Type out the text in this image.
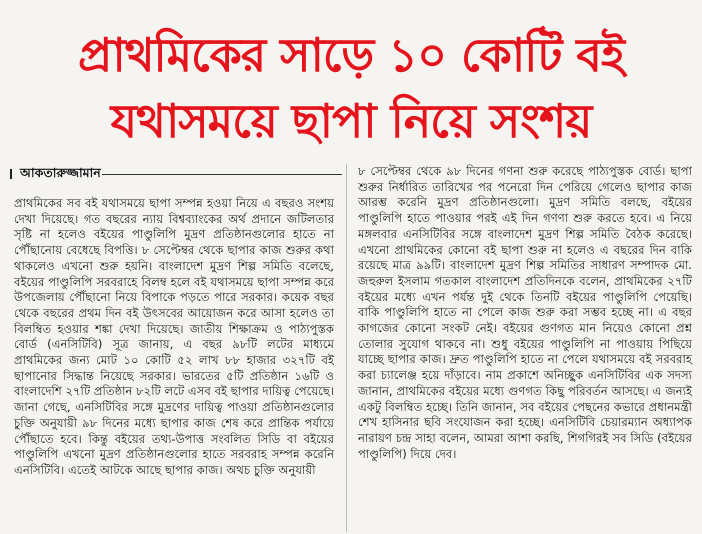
প্রাথমিকের সাড়ে ১০ কোটি বই
যথাসময়ে ছাপা নিয়ে সংশয়
আকতারুজ্জামান

প্রাথমিকের সব বই যথাসময়ে ছাপা সম্পন্ন হওয়া নিয়ে এ বছরও সংশয় দেখা দিয়েছে। গত বছরের ন্যায় বিশ্বব্যাংকের অর্থ প্রদানে জটিলতার সৃষ্টি না হলেও বইয়ের পাণ্ডুলিপি মুদ্রণ প্রতিষ্ঠানগুলোর হাতে না পৌঁছানোয় বেধেছে বিপত্তি। ৮ সেপ্টেম্বর থেকে ছাপার কাজ শুরুর কথা থাকলেও এখনো শুরু হয়নি। বাংলাদেশ মুদ্রণ শিল্প সমিতি বলেছে, বইয়ের পাণ্ডুলিপি সরবরাহে বিলম্ব হলে বই যথাসময়ে ছাপা সম্পন্ন করে উপজেলায় পৌঁছানো নিয়ে বিপাকে পড়তে পারে সরকার। কয়েক বছর থেকে বছরের প্রথম দিন বই উৎসবের আয়োজন করে আসা হলেও তা বিলম্বিত হওয়ার শঙ্কা দেখা দিয়েছে। জাতীয় শিক্ষাক্রম ও পাঠ্যপুস্তক বোর্ড (এনসিটিবি) সূত্র জানায়, এ বছর ৯৮টি লটের মাধ্যমে প্রাথমিকের জন্য মোট ১০ কোটি ৫২ লাখ ৮৮ হাজার ৩২৭টি বই ছাপানোর সিদ্ধান্ত নিয়েছে সরকার। ভারতের ৫টি প্রতিষ্ঠান ১৬টি ও বাংলাদেশি ২৭টি প্রতিষ্ঠান ৮২টি লটে এসব বই ছাপার দায়িত্ব পেয়েছে। জানা গেছে, এনসিটিবির সঙ্গে মুদ্রণের দায়িত্ব পাওয়া প্রতিষ্ঠানগুলোর চুক্তি অনুযায়ী ৯৮ দিনের মধ্যে ছাপার কাজ শেষ করে প্রান্তিক পর্যায়ে পৌঁছাতে হবে। কিন্তু বইয়ের তথ্য-উপাত্ত সংবলিত সিডি বা বইয়ের পাণ্ডুলিপি এখনো মুদ্রণ প্রতিষ্ঠানগুলোর হাতে সরবরাহ সম্পন্ন করেনি এনসিটিবি। এতেই আটকে আছে ছাপার কাজ। অথচ চুক্তি অনুযায়ী

৮ সেপ্টেম্বর থেকে ৯৮ দিনের গণনা শুরু করেছে পাঠ্যপুস্তক বোর্ড। ছাপা শুরুর নির্ধারিত তারিখের পর পনেরো দিন পেরিয়ে গেলেও ছাপার কাজ আরম্ভ করেনি মুদ্রণ প্রতিষ্ঠানগুলো। মুদ্রণ সমিতি বলছে, বইয়ের পাণ্ডুলিপি হাতে পাওয়ার পরই এই দিন গণণা শুরু করতে হবে। এ নিয়ে মঙ্গলবার এনসিটিবির সঙ্গে বাংলাদেশ মুদ্রণ শিল্প সমিতি বৈঠক করেছে। এখনো প্রাথমিকের কোনো বই ছাপা শুরু না হলেও এ বছরের দিন বাকি রয়েছে মাত্র ৯৯টি। বাংলাদেশ মুদ্রণ শিল্প সমিতির সাধারণ সম্পাদক মো. জহুরুল ইসলাম গতকাল বাংলাদেশ প্রতিদিনকে বলেন, প্রাথমিকের ২৭টি বইয়ের মধ্যে এখন পর্যন্ত দুই থেকে তিনটি বইয়ের পাণ্ডুলিপি পেয়েছি। বাকি পাণ্ডুলিপি হাতে না পেলে কাজ শুরু করা সম্ভব হচ্ছে না। এ বছর কাগজের কোনো সংকট নেই। বইয়ের গুণগত মান নিয়েও কোনো প্রশ্ন তোলার সুযোগ থাকবে না। শুধু বইয়ের পাণ্ডুলিপি না পাওয়ায় পিছিয়ে যাচ্ছে ছাপার কাজ। দ্রুত পাণ্ডুলিপি হাতে না পেলে যথাসময়ে বই সরবরাহ করা চ্যালেঞ্জ হয়ে দাঁড়াবে। নাম প্রকাশে অনিচ্ছুক এনসিটিবির এক সদস্য জানান, প্রাথমিকের বইয়ের মধ্যে গুণগত কিছু পরিবর্তন আসছে। এ জন্যই একটু বিলম্বিত হচ্ছে। তিনি জানান, সব বইয়ের পেছনের কভারে প্রধানমন্ত্রী শেখ হাসিনার ছবি সংযোজন করা হচ্ছে। এনসিটিবি চেয়ারম্যান অধ্যাপক নারায়ণ চন্দ্র সাহা বলেন, আমরা আশা করছি, শিগগিরই সব সিডি (বইয়ের পাণ্ডুলিপি) দিয়ে দেব।
